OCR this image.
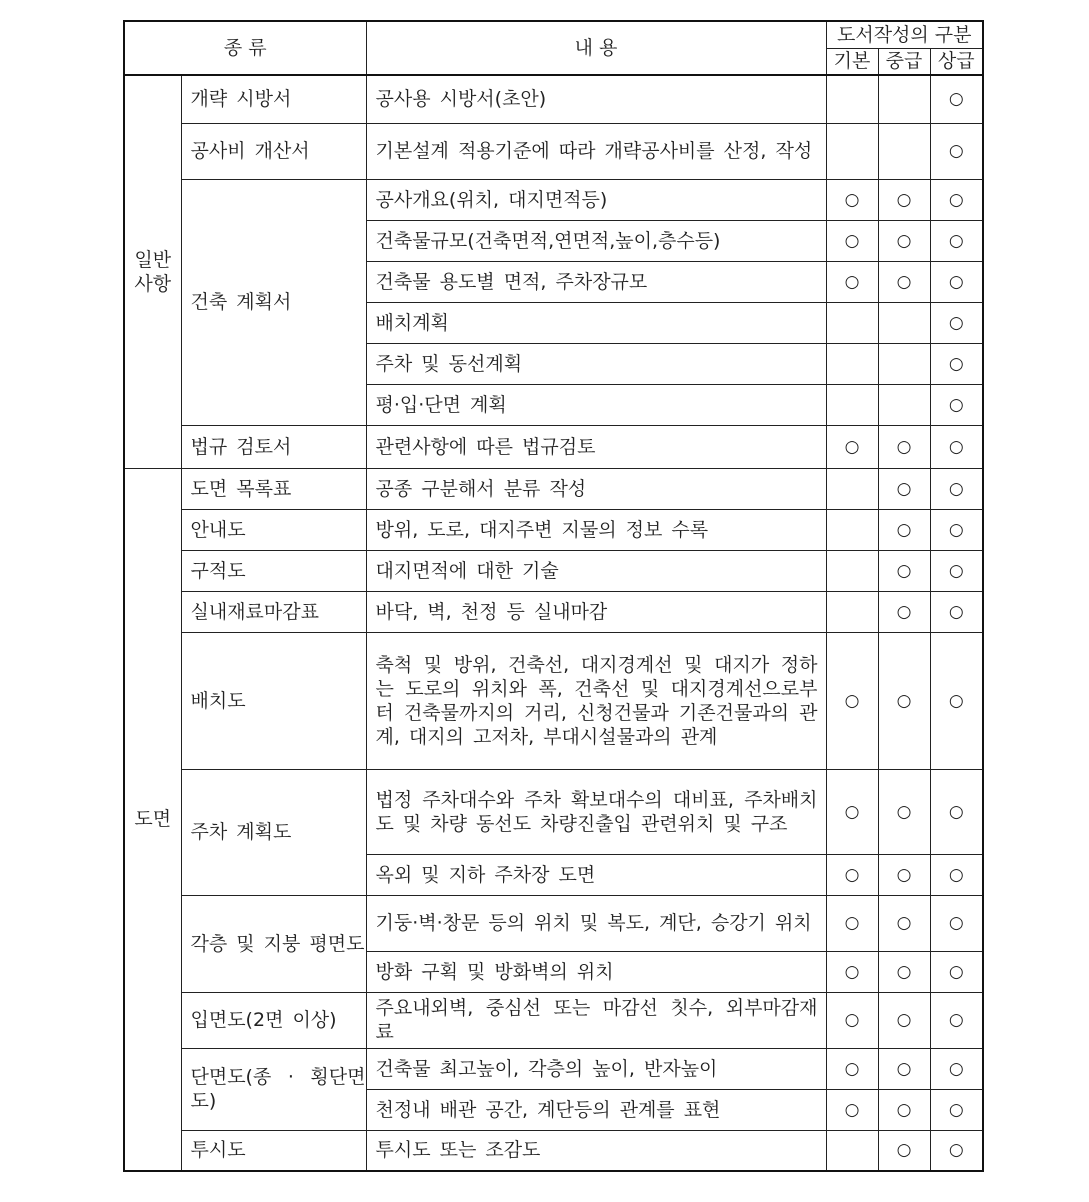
종 류		내 용	도서작성의 구분		
			기본	중급	상급
일반
사항	개략 시방서	공사용 시방서(초안)			○
	공사비 개산서	기본설계 적용기준에 따라 개략공사비를 산정, 작성			○
	건축 계획서	공사개요(위치, 대지면적등)	○	○	○
		건축물규모(건축면적,연면적,높이,층수등)	○	○	○
		건축물 용도별 면적, 주차장규모	○	○	○
		배치계획			○
		주차 및 동선계획			○
		평·입·단면 계획			○
	법규 검토서	관련사항에 따른 법규검토	○	○	○
도면	도면 목록표	공종 구분해서 분류 작성		○	○
	안내도	방위, 도로, 대지주변 지물의 정보 수록		○	○
	구적도	대지면적에 대한 기술		○	○
	실내재료마감표	바닥, 벽, 천정 등 실내마감		○	○
	배치도	축척 및 방위, 건축선, 대지경계선 및 대지가 정하는 도로의 위치와 폭, 건축선 및 대지경계선으로부터 건축물까지의 거리, 신청건물과 기존건물과의 관계, 대지의 고저차, 부대시설물과의 관계	○	○	○
	주차 계획도	법정 주차대수와 주차 확보대수의 대비표, 주차배치도 및 차량 동선도 차량진출입 관련위치 및 구조	○	○	○
		옥외 및 지하 주차장 도면	○	○	○
	각층 및 지붕 평면도	기둥·벽·창문 등의 위치 및 복도, 계단, 승강기 위치	○	○	○
		방화 구획 및 방화벽의 위치	○	○	○
	입면도(2면 이상)	주요내외벽, 중심선 또는 마감선 칫수, 외부마감재료	○	○	○
	단면도(종 · 횡단면도)	건축물 최고높이, 각층의 높이, 반자높이	○	○	○
		천정내 배관 공간, 계단등의 관계를 표현	○	○	○
	투시도	투시도 또는 조감도		○	○
